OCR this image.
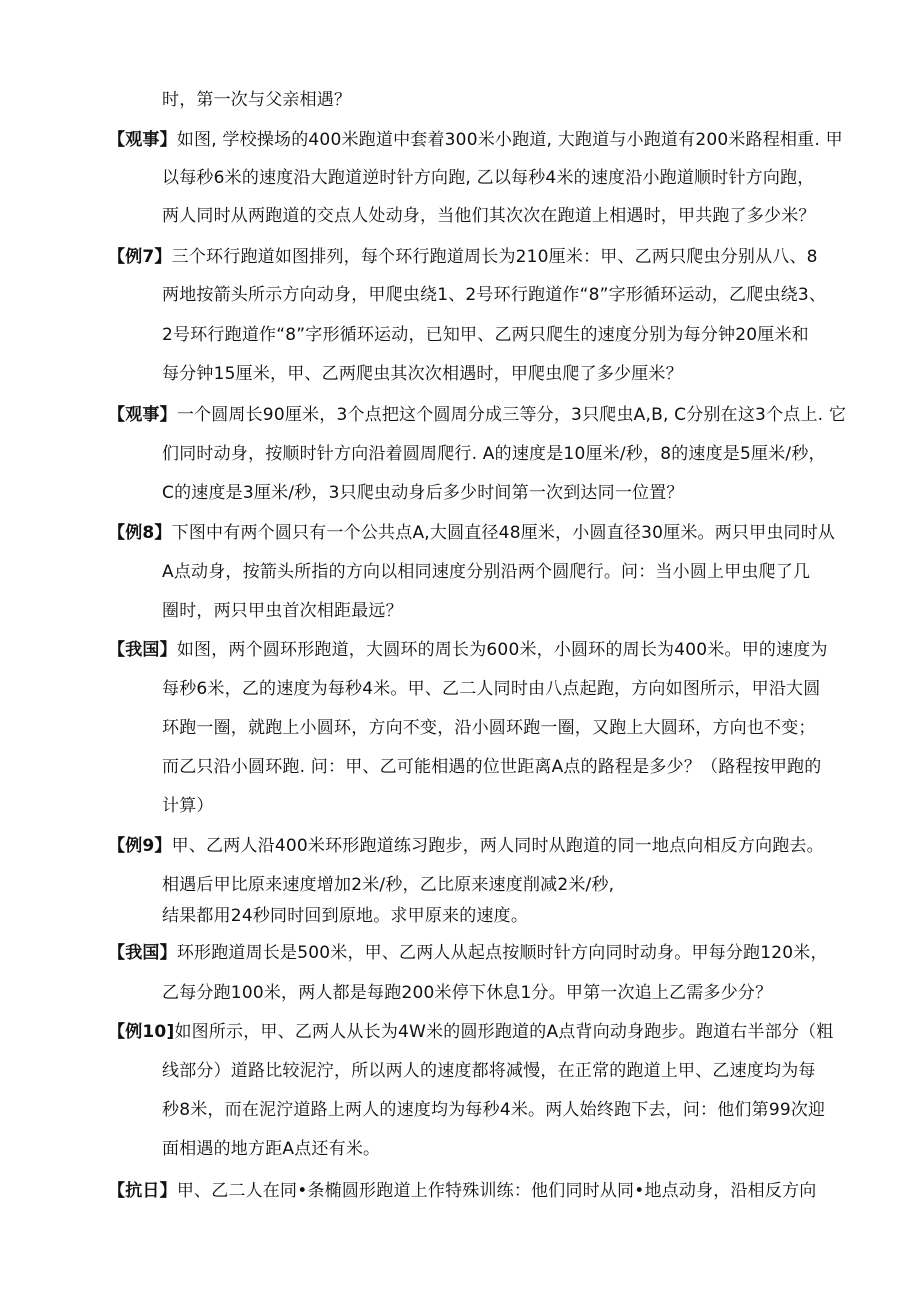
时，第一次与父亲相遇？
【观事】如图, 学校操场的400米跑道中套着300米小跑道, 大跑道与小跑道有200米路程相重. 甲
以每秒6米的速度沿大跑道逆时针方向跑, 乙以每秒4米的速度沿小跑道顺时针方向跑，
两人同时从两跑道的交点人处动身，当他们其次次在跑道上相遇时，甲共跑了多少米？
【例7】三个环行跑道如图排列，每个环行跑道周长为210厘米：甲、乙两只爬虫分别从八、8
两地按箭头所示方向动身，甲爬虫绕1、2号环行跑道作“8”字形循环运动，乙爬虫绕3、
2号环行跑道作“8”字形循环运动，已知甲、乙两只爬生的速度分别为每分钟20厘米和
每分钟15厘米，甲、乙两爬虫其次次相遇时，甲爬虫爬了多少厘米？
【观事】一个圆周长90厘米，3个点把这个圆周分成三等分，3只爬虫A,B, C分别在这3个点上. 它
们同时动身，按顺时针方向沿着圆周爬行. A的速度是10厘米/秒，8的速度是5厘米/秒，
C的速度是3厘米/秒，3只爬虫动身后多少时间第一次到达同一位置？
【例8】下图中有两个圆只有一个公共点A,大圆直径48厘米，小圆直径30厘米。两只甲虫同时从
A点动身，按箭头所指的方向以相同速度分别沿两个圆爬行。问：当小圆上甲虫爬了几
圈时，两只甲虫首次相距最远？
【我国】如图，两个圆环形跑道，大圆环的周长为600米，小圆环的周长为400米。甲的速度为
每秒6米，乙的速度为每秒4米。甲、乙二人同时由八点起跑，方向如图所示，甲沿大圆
环跑一圈，就跑上小圆环，方向不变，沿小圆环跑一圈，又跑上大圆环，方向也不变；
而乙只沿小圆环跑. 问：甲、乙可能相遇的位世距离A点的路程是多少？（路程按甲跑的
计算）
【例9】甲、乙两人沿400米环形跑道练习跑步，两人同时从跑道的同一地点向相反方向跑去。
相遇后甲比原来速度增加2米/秒，乙比原来速度削减2米/秒,
结果都用24秒同时回到原地。求甲原来的速度。
【我国】环形跑道周长是500米，甲、乙两人从起点按顺时针方向同时动身。甲每分跑120米，
乙每分跑100米，两人都是每跑200米停下休息1分。甲第一次追上乙需多少分？
【例10]如图所示，甲、乙两人从长为4W米的圆形跑道的A点背向动身跑步。跑道右半部分（粗
线部分）道路比较泥泞，所以两人的速度都将减慢，在正常的跑道上甲、乙速度均为每
秒8米，而在泥泞道路上两人的速度均为每秒4米。两人始终跑下去，问：他们第99次迎
面相遇的地方距A点还有米。
【抗日】甲、乙二人在同•条椭圆形跑道上作特殊训练：他们同时从同•地点动身，沿相反方向
